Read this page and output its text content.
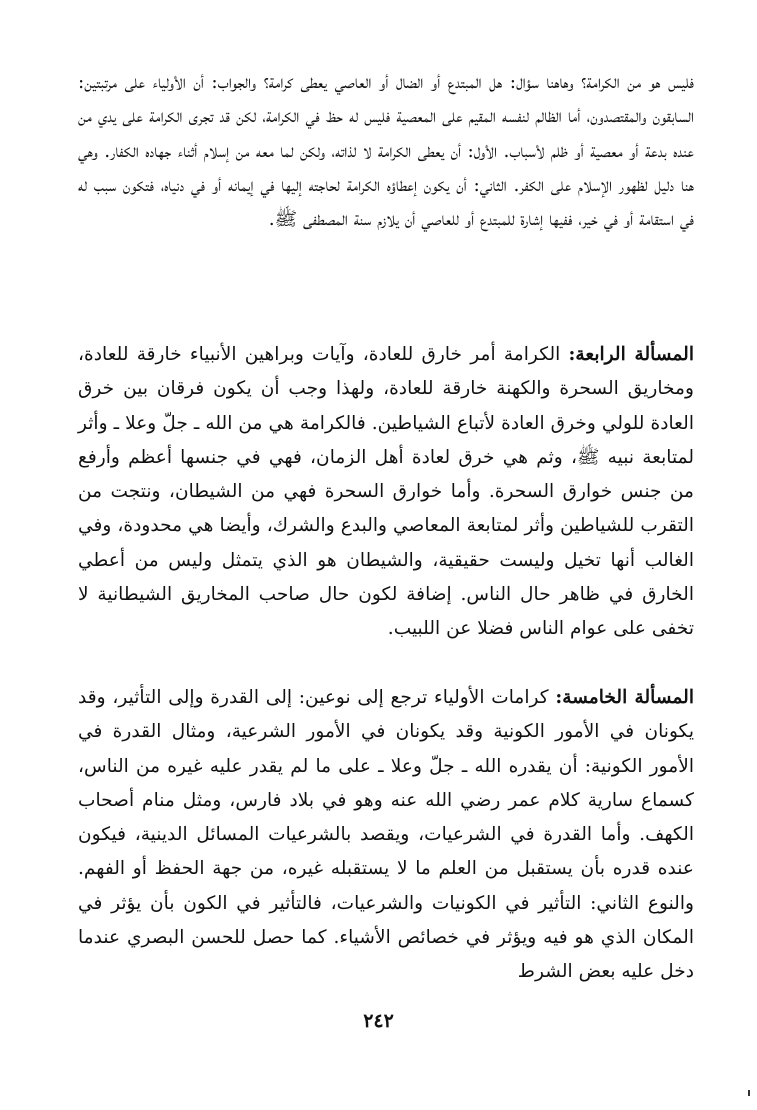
فليس هو من الكرامة؟ وهاهنا سؤال: هل المبتدع أو الضال أو العاصي يعطى كرامة؟ والجواب: أن الأولياء على مرتبتين: السابقون والمقتصدون، أما الظالم لنفسه المقيم على المعصية فليس له حظ في الكرامة، لكن قد تجرى الكرامة على يدي من عنده بدعة أو معصية أو ظلم لأسباب. الأول: أن يعطى الكرامة لا لذاته، ولكن لما معه من إسلام أثناء جهاده الكفار. وهي هنا دليل لظهور الإسلام على الكفر. الثاني: أن يكون إعطاؤه الكرامة لحاجته إليها في إيمانه أو في دنياه، فتكون سبب له في استقامة أو في خير، ففيها إشارة للمبتدع أو للعاصي أن يلازم سنة المصطفى ﷺ.

المسألة الرابعة: الكرامة أمر خارق للعادة، وآيات وبراهين الأنبياء خارقة للعادة، ومخاريق السحرة والكهنة خارقة للعادة، ولهذا وجب أن يكون فرقان بين خرق العادة للولي وخرق العادة لأتباع الشياطين. فالكرامة هي من الله ـ جلّ وعلا ـ وأثر لمتابعة نبيه ﷺ، وثم هي خرق لعادة أهل الزمان، فهي في جنسها أعظم وأرفع من جنس خوارق السحرة. وأما خوارق السحرة فهي من الشيطان، ونتجت من التقرب للشياطين وأثر لمتابعة المعاصي والبدع والشرك، وأيضا هي محدودة، وفي الغالب أنها تخيل وليست حقيقية، والشيطان هو الذي يتمثل وليس من أعطي الخارق في ظاهر حال الناس. إضافة لكون حال صاحب المخاريق الشيطانية لا تخفى على عوام الناس فضلا عن اللبيب.

المسألة الخامسة: كرامات الأولياء ترجع إلى نوعين: إلى القدرة وإلى التأثير، وقد يكونان في الأمور الكونية وقد يكونان في الأمور الشرعية، ومثال القدرة في الأمور الكونية: أن يقدره الله ـ جلّ وعلا ـ على ما لم يقدر عليه غيره من الناس، كسماع سارية كلام عمر رضي الله عنه وهو في بلاد فارس، ومثل منام أصحاب الكهف. وأما القدرة في الشرعيات، ويقصد بالشرعيات المسائل الدينية، فيكون عنده قدره بأن يستقبل من العلم ما لا يستقبله غيره، من جهة الحفظ أو الفهم. والنوع الثاني: التأثير في الكونيات والشرعيات، فالتأثير في الكون بأن يؤثر في المكان الذي هو فيه ويؤثر في خصائص الأشياء. كما حصل للحسن البصري عندما دخل عليه بعض الشرط

٢٤٢
